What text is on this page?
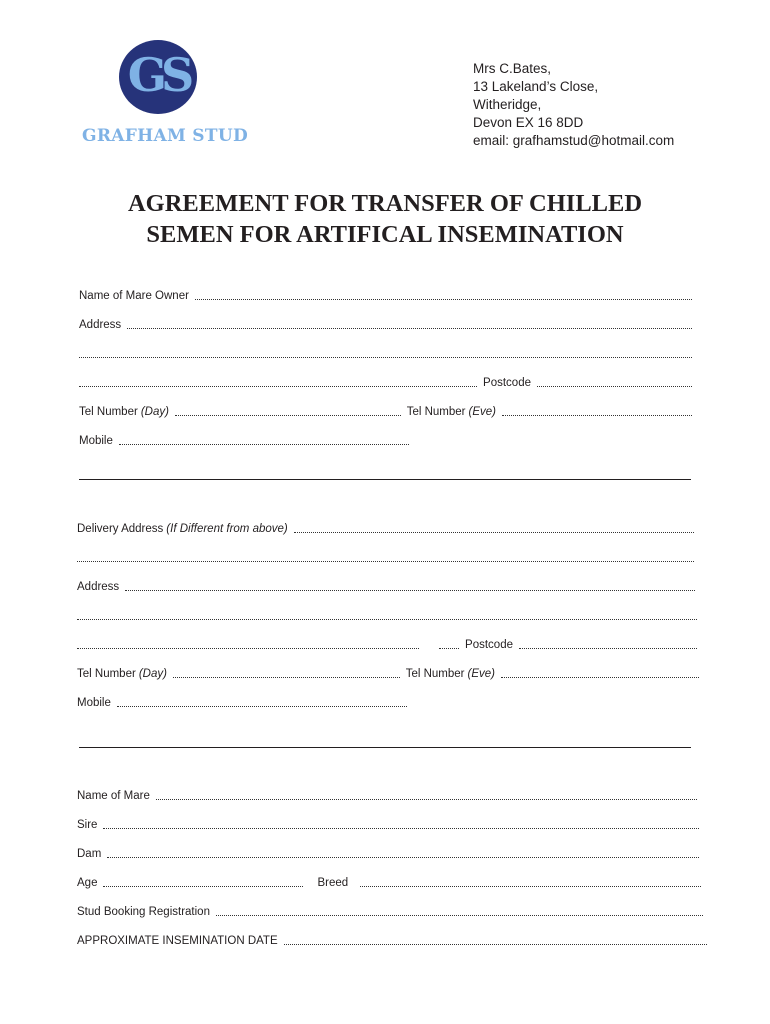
GS
GRAFHAM STUD
Mrs C.Bates,
13 Lakeland’s Close,
Witheridge,
Devon EX 16 8DD
email: grafhamstud@hotmail.com
AGREEMENT FOR TRANSFER OF CHILLED
SEMEN FOR ARTIFICAL INSEMINATION
Name of Mare Owner
Address
Postcode
Tel Number (Day)	Tel Number (Eve)
Mobile
Delivery Address (If Different from above)
Address
Postcode
Tel Number (Day)	Tel Number (Eve)
Mobile
Name of Mare
Sire
Dam
Age	Breed
Stud Booking Registration
APPROXIMATE INSEMINATION DATE
